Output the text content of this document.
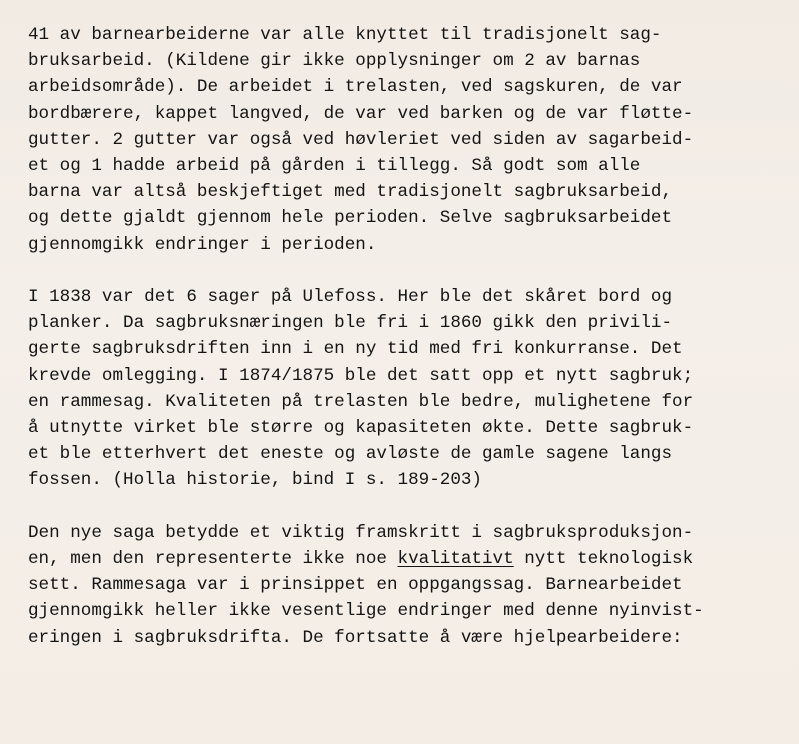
41 av barnearbeiderne var alle knyttet til tradisjonelt sag-
bruksarbeid. (Kildene gir ikke opplysninger om 2 av barnas
arbeidsområde). De arbeidet i trelasten, ved sagskuren, de var
bordbærere, kappet langved, de var ved barken og de var fløtte-
gutter. 2 gutter var også ved høvleriet ved siden av sagarbeid-
et og 1 hadde arbeid på gården i tillegg. Så godt som alle
barna var altså beskjeftiget med tradisjonelt sagbruksarbeid,
og dette gjaldt gjennom hele perioden. Selve sagbruksarbeidet
gjennomgikk endringer i perioden.
I 1838 var det 6 sager på Ulefoss. Her ble det skåret bord og
planker. Da sagbruksnæringen ble fri i 1860 gikk den privili-
gerte sagbruksdriften inn i en ny tid med fri konkurranse. Det
krevde omlegging. I 1874/1875 ble det satt opp et nytt sagbruk;
en rammesag. Kvaliteten på trelasten ble bedre, mulighetene for
å utnytte virket ble større og kapasiteten økte. Dette sagbruk-
et ble etterhvert det eneste og avløste de gamle sagene langs
fossen. (Holla historie, bind I s. 189-203)
Den nye saga betydde et viktig framskritt i sagbruksproduksjon-
en, men den representerte ikke noe kvalitativt nytt teknologisk
sett. Rammesaga var i prinsippet en oppgangssag. Barnearbeidet
gjennomgikk heller ikke vesentlige endringer med denne nyinvist-
eringen i sagbruksdrifta. De fortsatte å være hjelpearbeidere:
